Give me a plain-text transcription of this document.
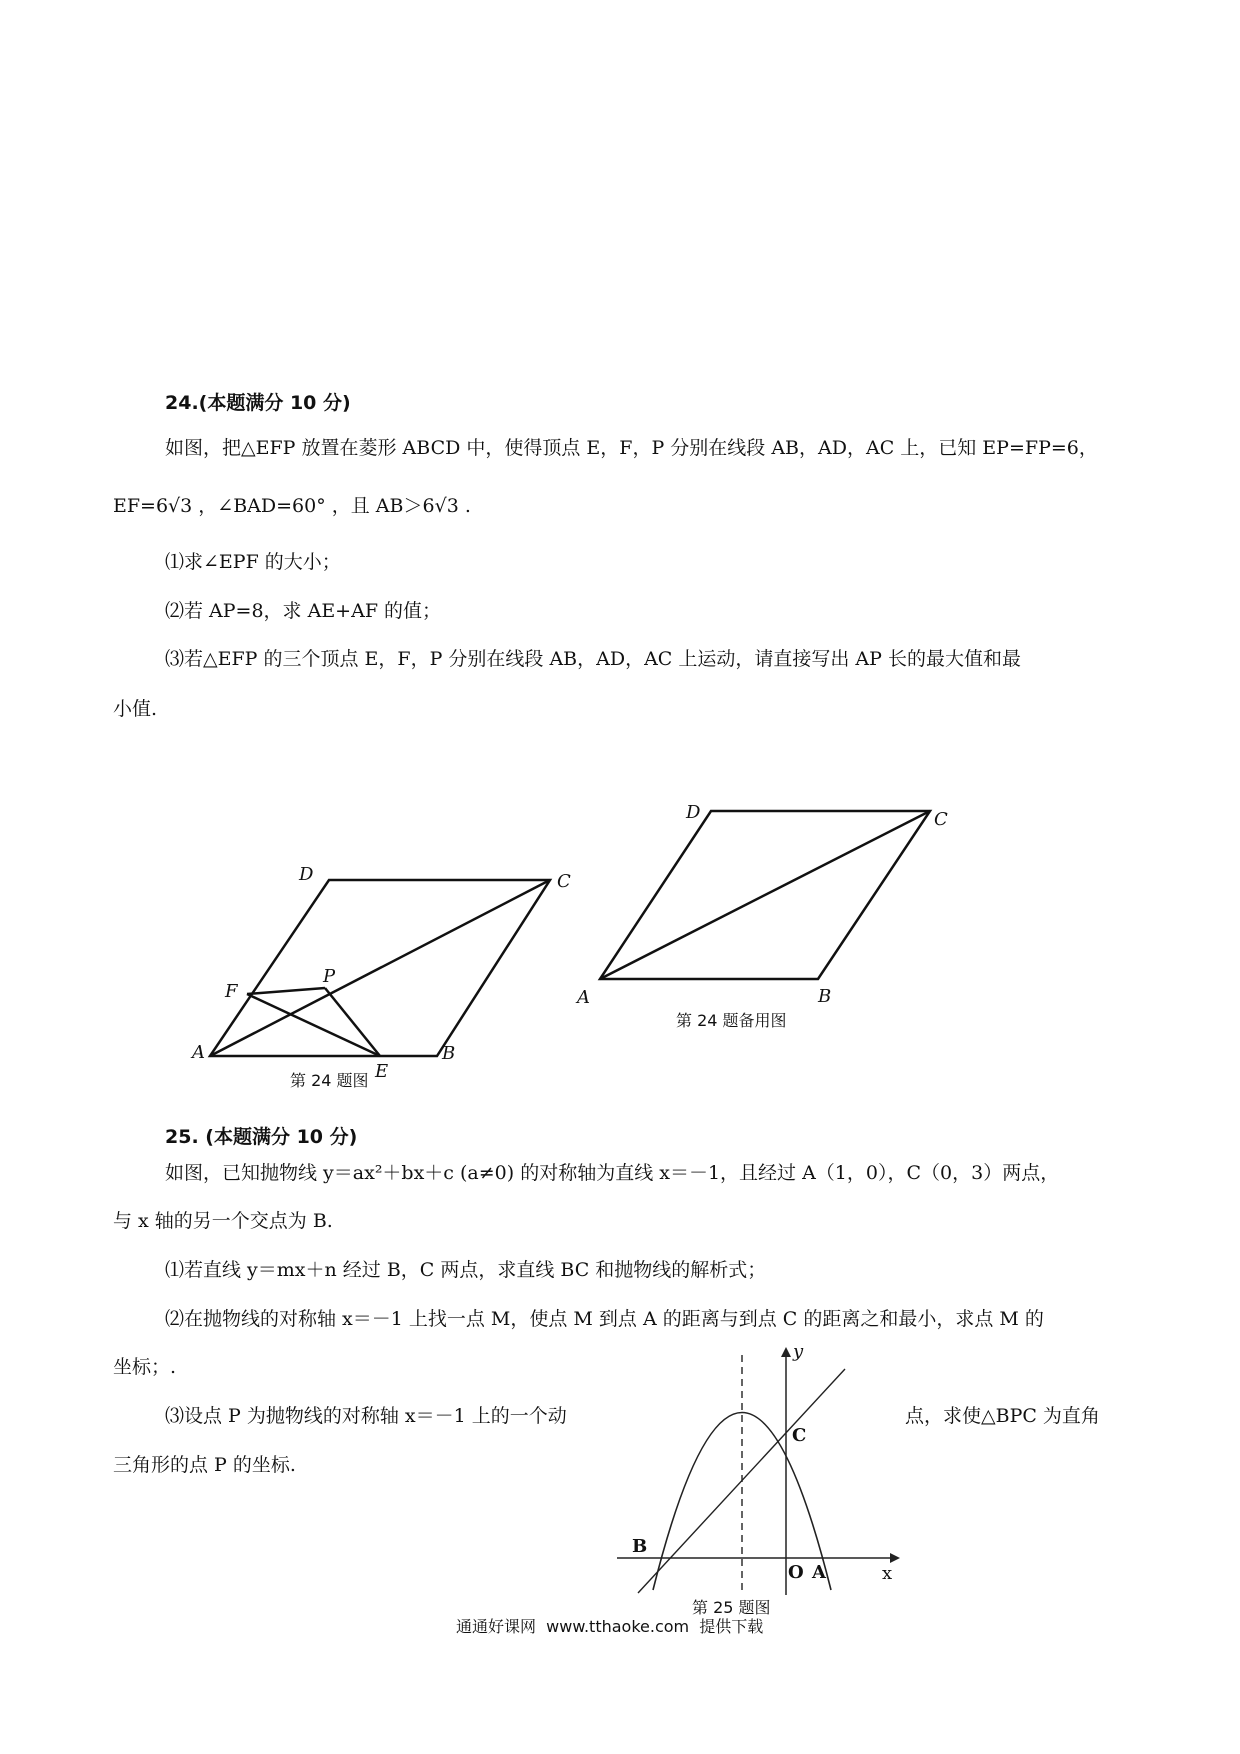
24.(本题满分 10 分)
如图，把△EFP 放置在菱形 ABCD 中，使得顶点 E，F，P 分别在线段 AB，AD，AC 上，已知 EP=FP=6，
EF=6√3 ，∠BAD=60° ，且 AB＞6√3 .
⑴求∠EPF 的大小；
⑵若 AP=8，求 AE+AF 的值；
⑶若△EFP 的三个顶点 E，F，P 分别在线段 AB，AD，AC 上运动，请直接写出 AP 长的最大值和最
小值.
A	B
C
D
E
F
P
第 24 题图
A	B
C
D
第 24 题备用图
25. (本题满分 10 分)
如图，已知抛物线 y＝ax²＋bx＋c (a≠0) 的对称轴为直线 x＝－1，且经过 A（1，0），C（0，3）两点，
与 x 轴的另一个交点为 B.
⑴若直线 y＝mx＋n 经过 B，C 两点，求直线 BC 和抛物线的解析式；
⑵在抛物线的对称轴 x＝－1 上找一点 M，使点 M 到点 A 的距离与到点 C 的距离之和最小，求点 M 的
坐标；.
⑶设点 P 为抛物线的对称轴 x＝－1 上的一个动	点，求使△BPC 为直角
三角形的点 P 的坐标.
y
x
C
B
O A
第 25 题图
通通好课网  www.tthaoke.com  提供下载
